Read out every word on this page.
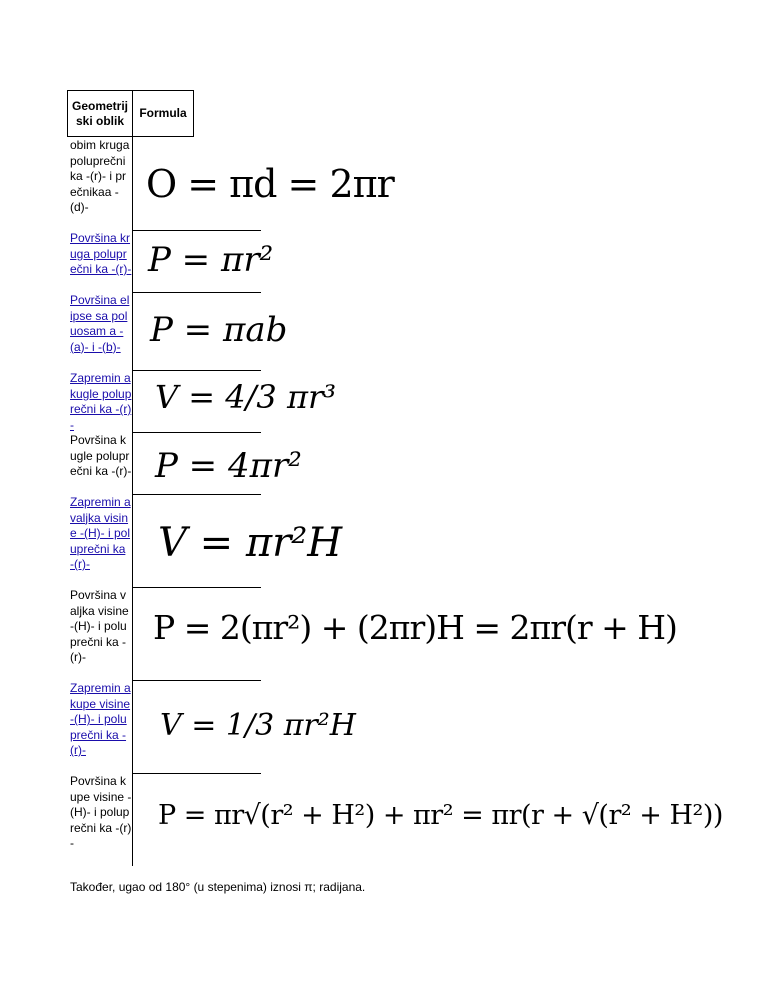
Geometrij ski oblik
Formula
obim kruga poluprečni ka -(r)- i prečnikaa -(d)-
O = πd = 2πr
Površina kruga poluprečni ka -(r)- P = πr²
Površina elipse sa poluosam a -(a)- i -(b)- P = πab
Zapremin a kugle poluprečni ka -(r)-
V = 4/3 πr³
Površina kugle poluprečni ka -(r)- P = 4πr²
Zapremin a valjka visine -(H)- i poluprečni ka -(r)-	V = πr²H
Površina valjka visine -(H)- i poluprečni ka -(r)-
P = 2(πr²) + (2πr)H = 2πr(r + H)
Zapremin a kupe visine -(H)- i poluprečni ka -(r)-
V = 1/3 πr²H
Površina kupe visine -(H)- i poluprečni ka -(r)-
P = πr√(r² + H²) + πr² = πr(r + √(r² + H²))
Također, ugao od 180° (u stepenima) iznosi π; radijana.
